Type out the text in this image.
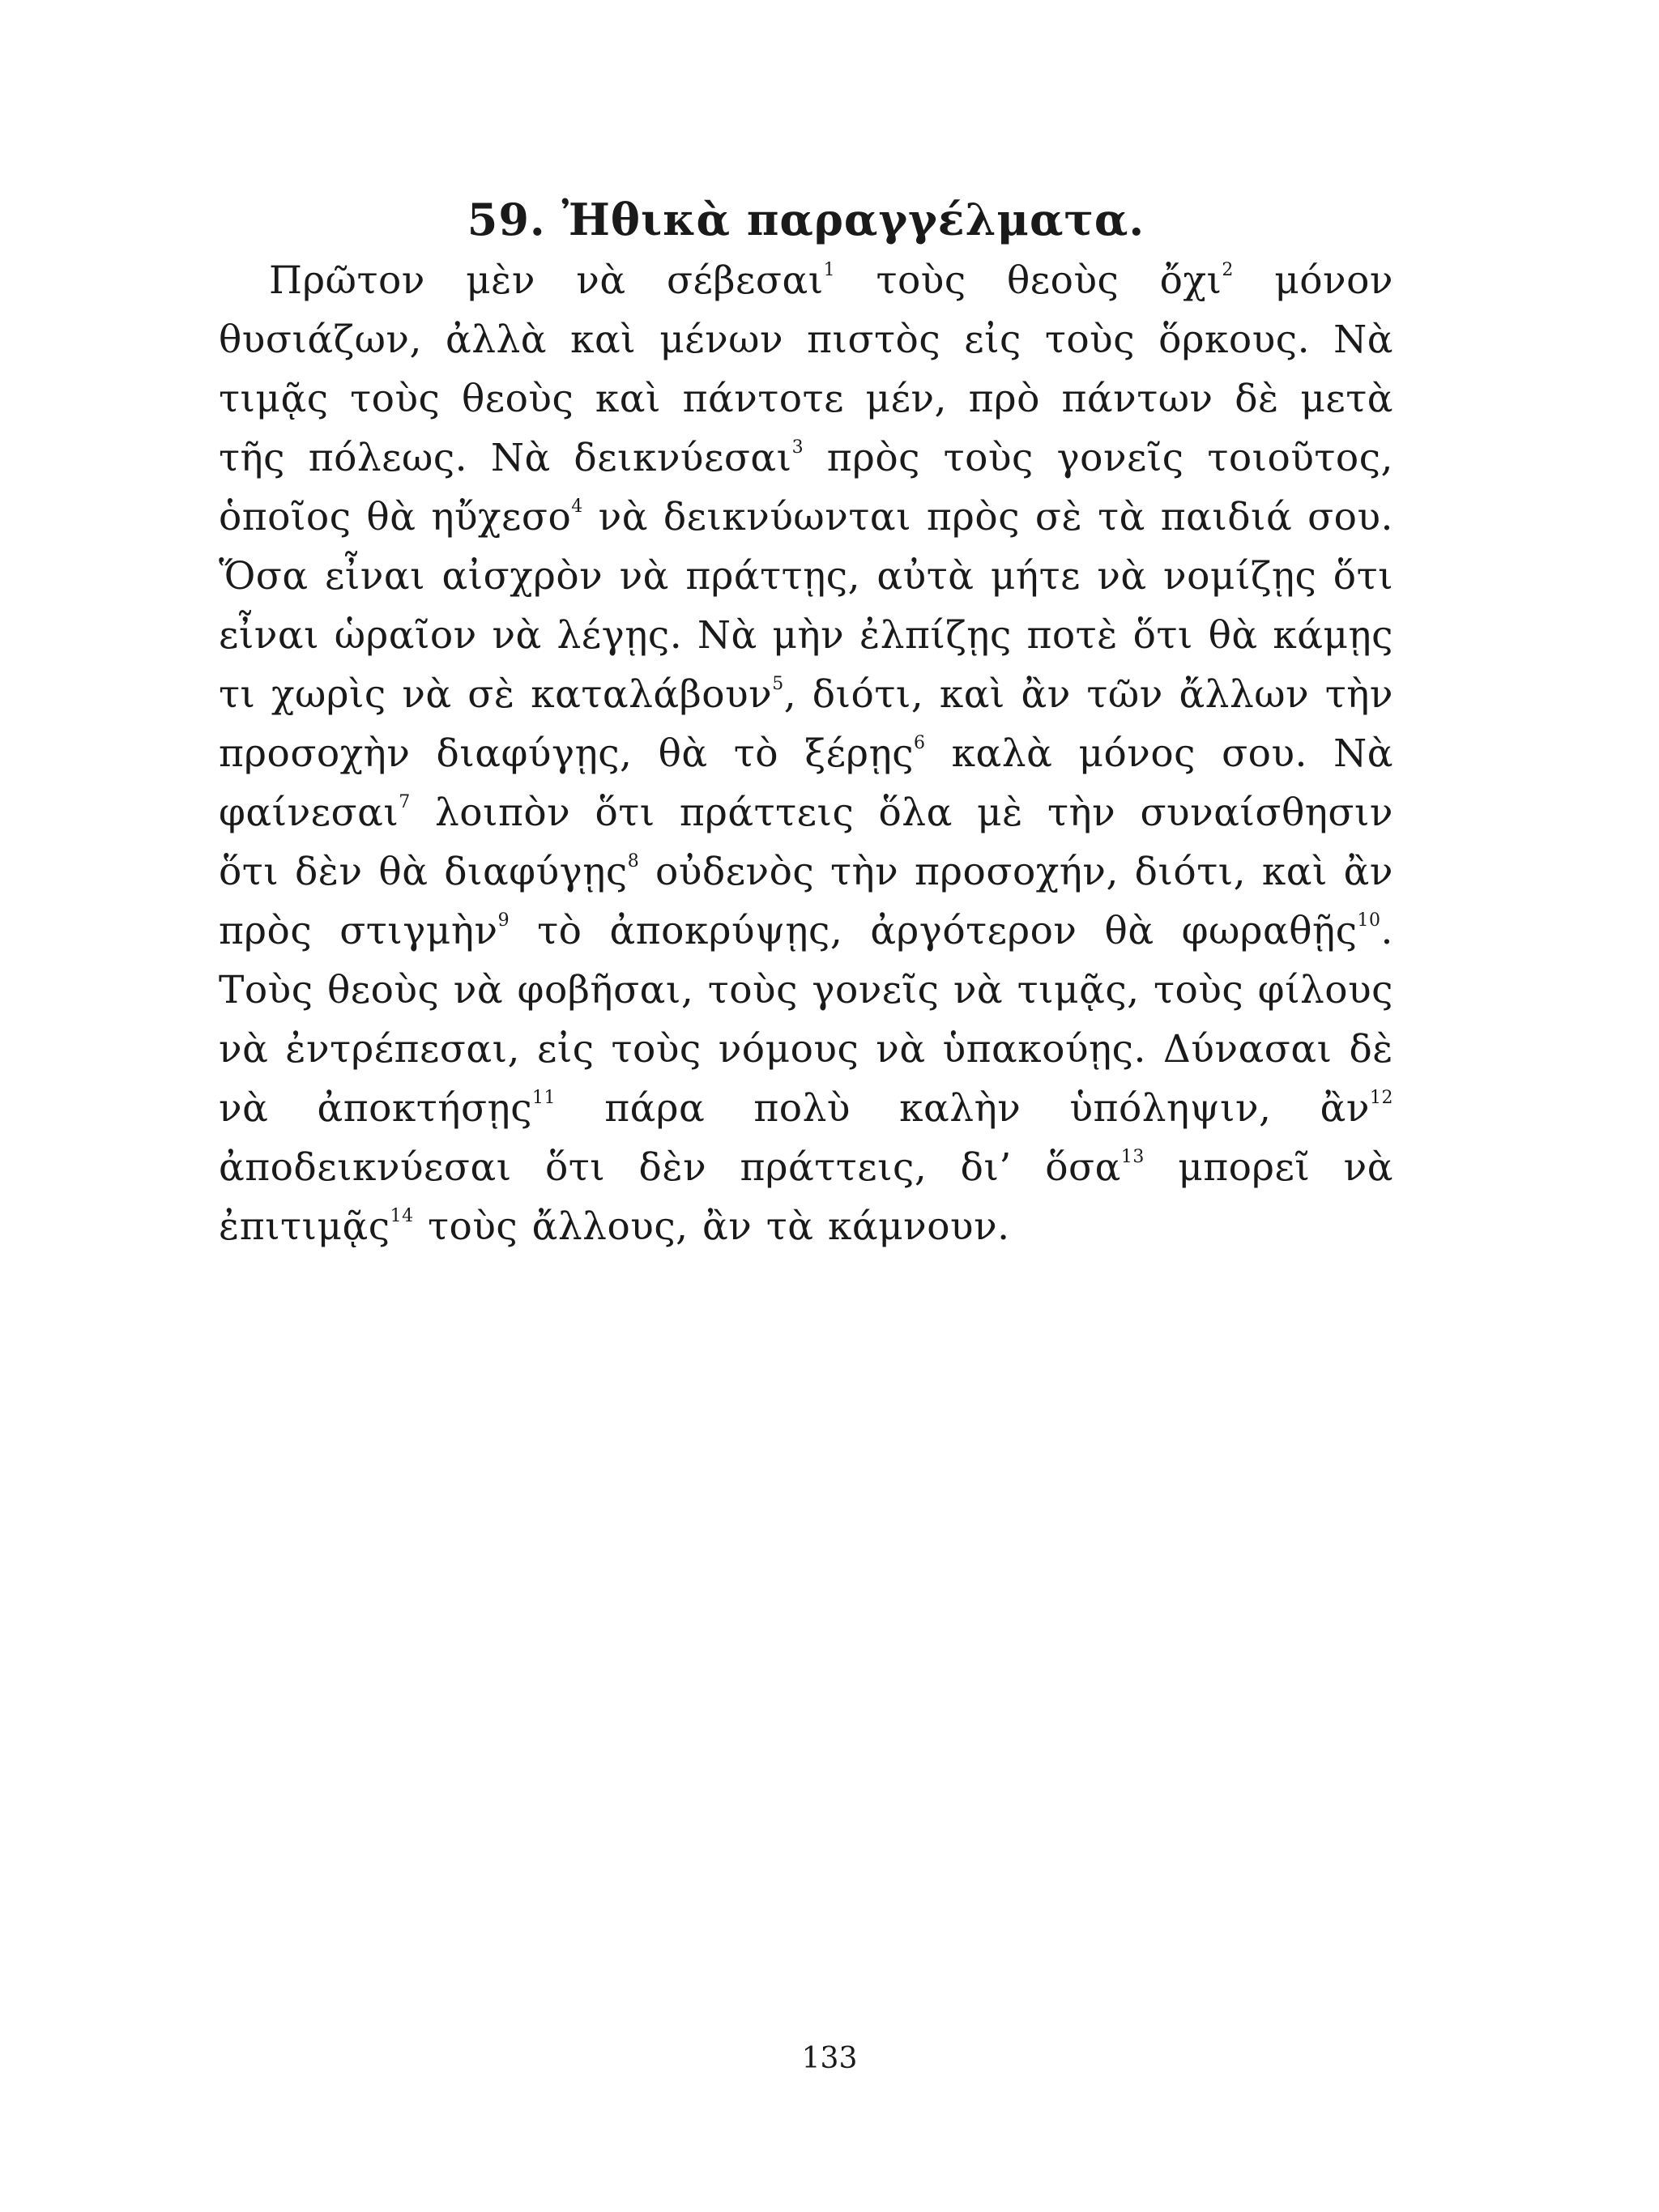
59. Ἠθικὰ παραγγέλματα.

Πρῶτον μὲν νὰ σέβεσαι$^1$ τοὺς θεοὺς ὄχι$^2$ μόνον θυσιάζων, ἀλλὰ καὶ μένων πιστὸς εἰς τοὺς ὅρκους. Νὰ τιμᾷς τοὺς θεοὺς καὶ πάντοτε μέν, πρὸ πάντων δὲ μετὰ τῆς πόλεως. Νὰ δεικνύεσαι$^3$ πρὸς τοὺς γονεῖς τοιοῦτος, ὁποῖος θὰ ηὔχεσο$^4$ νὰ δεικνύωνται πρὸς σὲ τὰ παιδιά σου. Ὅσα εἶναι αἰσχρὸν νὰ πράττῃς, αὐτὰ μήτε νὰ νομίζῃς ὅτι εἶναι ὡραῖον νὰ λέγῃς. Νὰ μὴν ἐλπίζῃς ποτὲ ὅτι θὰ κάμῃς τι χωρὶς νὰ σὲ καταλάβουν$^5$, διότι, καὶ ἂν τῶν ἄλλων τὴν προσοχὴν διαφύγῃς, θὰ τὸ ξέρῃς$^6$ καλὰ μόνος σου. Νὰ φαίνεσαι$^7$ λοιπὸν ὅτι πράττεις ὅλα μὲ τὴν συναίσθησιν ὅτι δὲν θὰ διαφύγῃς$^8$ οὐδενὸς τὴν προσοχήν, διότι, καὶ ἂν πρὸς στιγμὴν$^9$ τὸ ἀποκρύψῃς, ἀργότερον θὰ φωραθῇς$^{10}$. Τοὺς θεοὺς νὰ φοβῆσαι, τοὺς γονεῖς νὰ τιμᾷς, τοὺς φίλους νὰ ἐντρέπεσαι, εἰς τοὺς νόμους νὰ ὑπακούῃς. Δύνασαι δὲ νὰ ἀποκτήσῃς$^{11}$ πάρα πολὺ καλὴν ὑπόληψιν, ἂν$^{12}$ ἀποδεικνύεσαι ὅτι δὲν πράττεις, δι’ ὅσα$^{13}$ μπορεῖ νὰ ἐπιτιμᾷς$^{14}$ τοὺς ἄλλους, ἂν τὰ κάμνουν.

133
